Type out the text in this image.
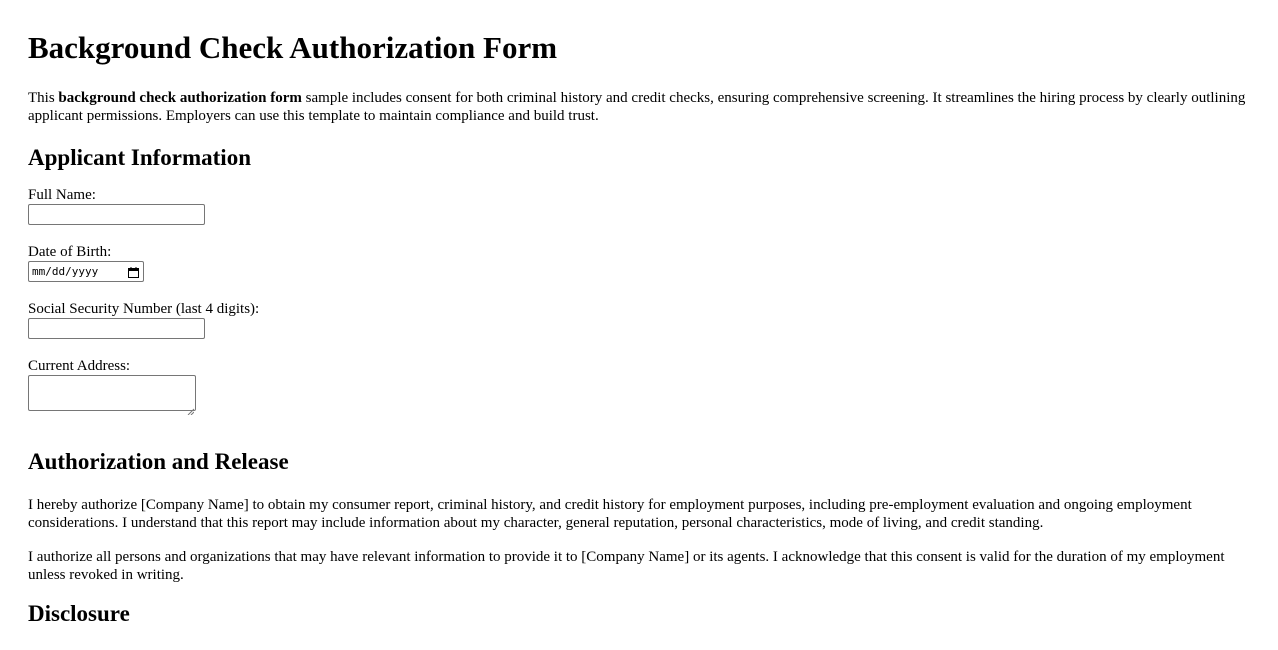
Background Check Authorization Form

This background check authorization form sample includes consent for both criminal history and credit checks, ensuring comprehensive screening. It streamlines the hiring process by clearly outlining applicant permissions. Employers can use this template to maintain compliance and build trust.

Applicant Information
Full Name:
Date of Birth:
mm/dd/yyyy
Social Security Number (last 4 digits):
Current Address:
Authorization and Release

I hereby authorize [Company Name] to obtain my consumer report, criminal history, and credit history for employment purposes, including pre-employment evaluation and ongoing employment considerations. I understand that this report may include information about my character, general reputation, personal characteristics, mode of living, and credit standing.

I authorize all persons and organizations that may have relevant information to provide it to [Company Name] or its agents. I acknowledge that this consent is valid for the duration of my employment unless revoked in writing.

Disclosure
